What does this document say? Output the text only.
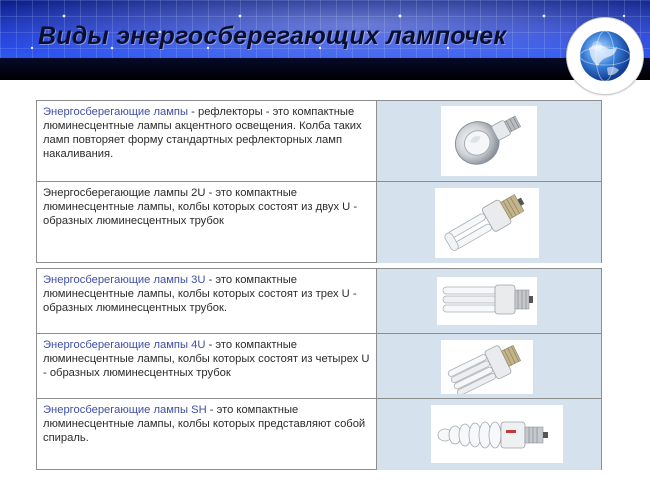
Виды энергосберегающих лампочек

Энергосберегающие лампы - рефлекторы - это компактные люминесцентные лампы акцентного освещения. Колба таких ламп повторяет форму стандартных рефлекторных ламп накаливания.

Энергосберегающие лампы 2U - это компактные люминесцентные лампы, колбы которых состоят из двух U - образных люминесцентных трубок

Энергосберегающие лампы 3U - это компактные люминесцентные лампы, колбы которых состоят из трех U - образных люминесцентных трубок.

Энергосберегающие лампы 4U - это компактные люминесцентные лампы, колбы которых состоят из четырех U - образных люминесцентных трубок

Энергосберегающие лампы SH - это компактные люминесцентные лампы, колбы которых представляют собой спираль.
